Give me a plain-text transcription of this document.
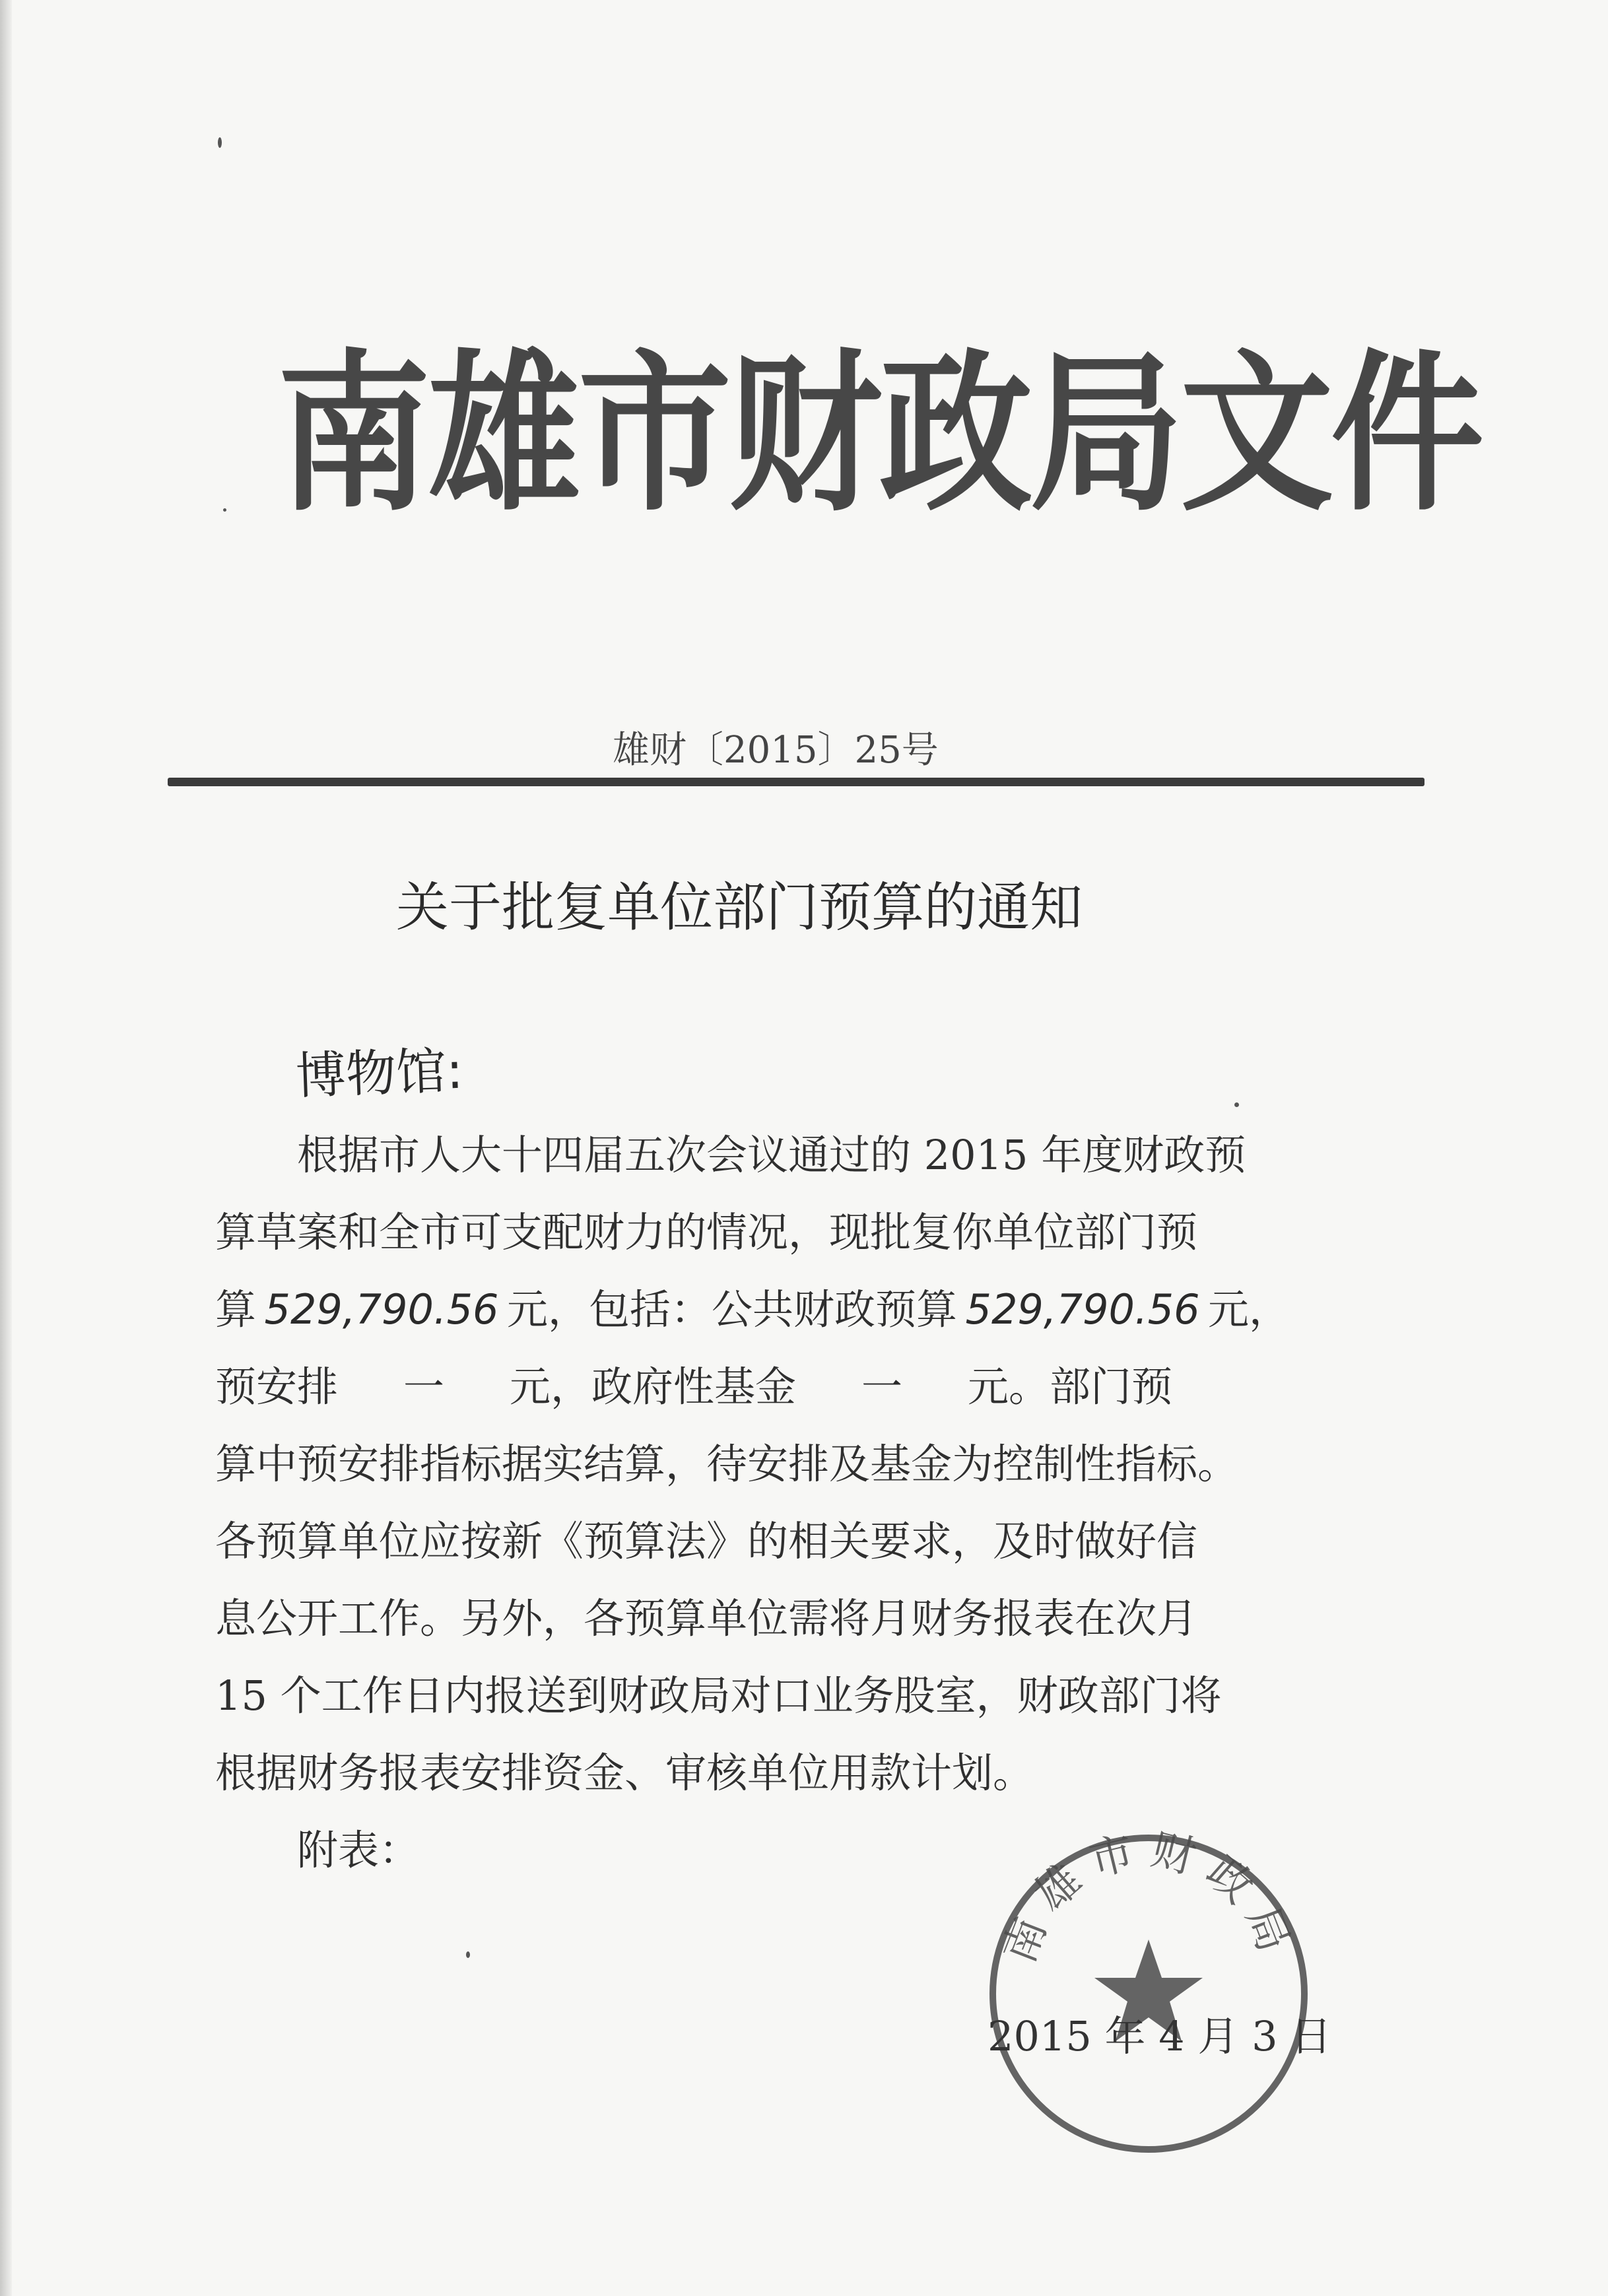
南雄市财政局文件
雄财〔2015〕25号
关于批复单位部门预算的通知
博物馆:
根据市人大十四届五次会议通过的 2015 年度财政预
算草案和全市可支配财力的情况，现批复你单位部门预
算 529,790.56 元，包括：公共财政预算 529,790.56 元，
预安排 一 元，政府性基金 一 元。部门预
算中预安排指标据实结算，待安排及基金为控制性指标。
各预算单位应按新《预算法》的相关要求，及时做好信
息公开工作。另外，各预算单位需将月财务报表在次月
15 个工作日内报送到财政局对口业务股室，财政部门将
根据财务报表安排资金、审核单位用款计划。
附表：
南雄市财政局
2015 年 4 月 3 日
